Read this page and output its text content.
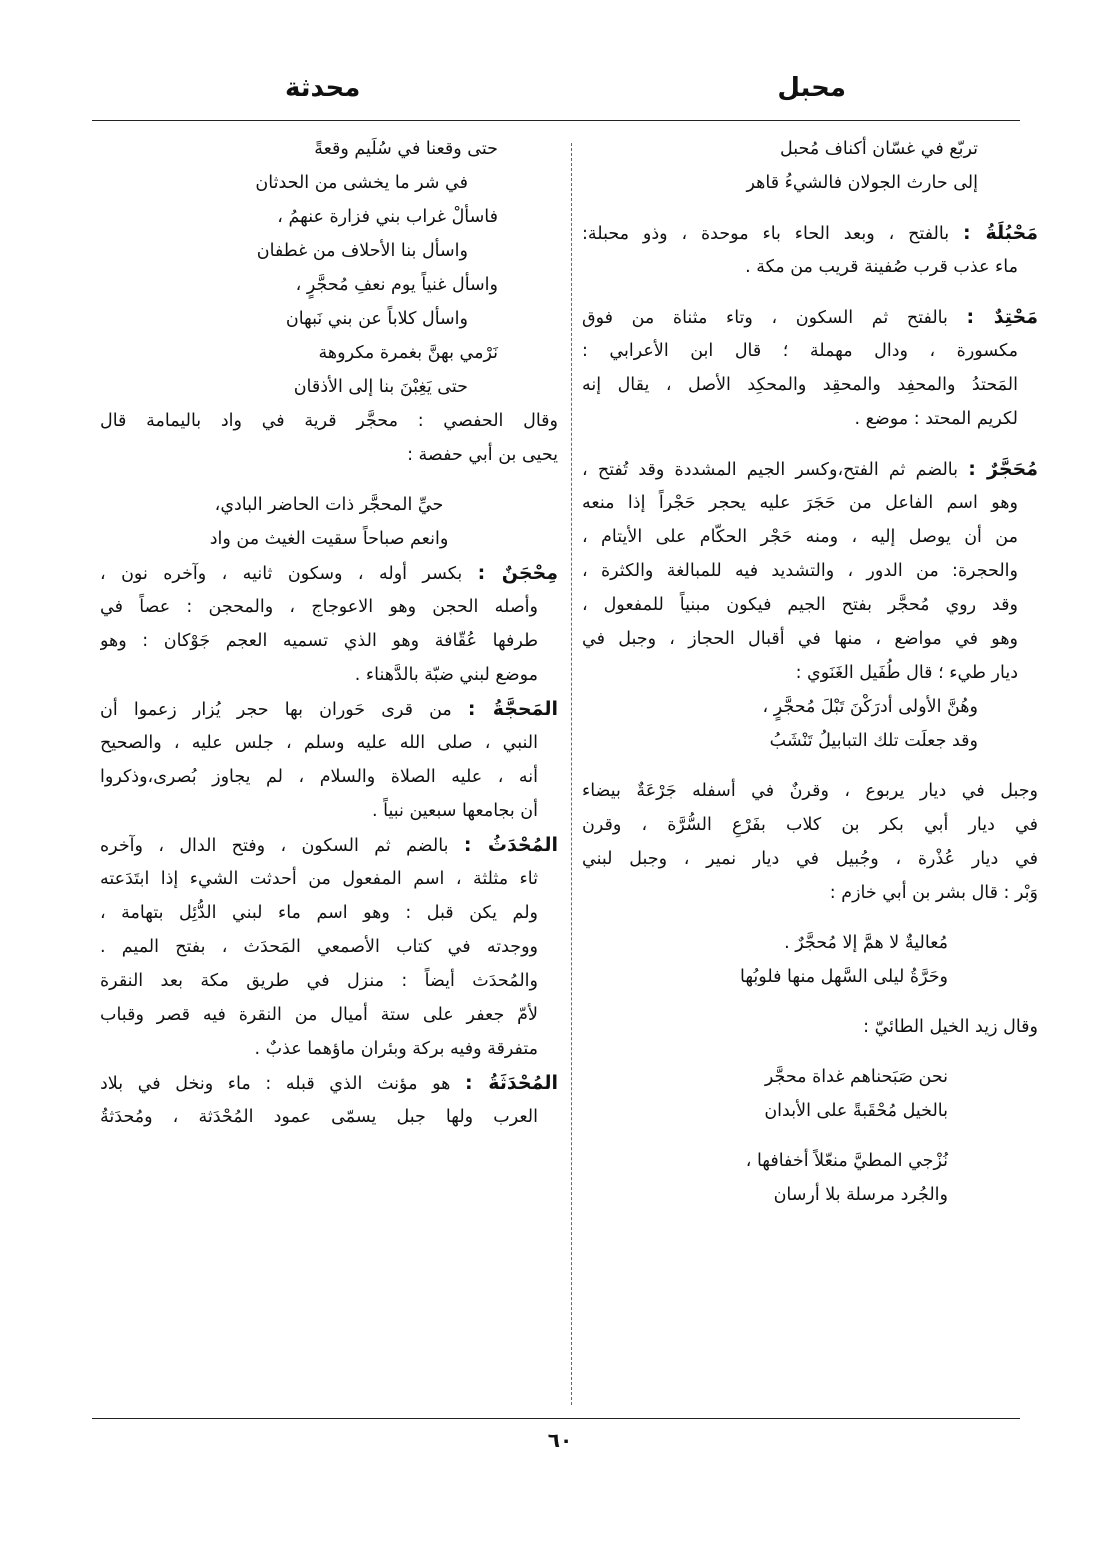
محبل
محدثة
تربّع في غسّان أكناف مُحبل
إلى حارث الجولان فالشيءُ قاهر
مَحْبُلَةُ : بالفتح ، وبعد الحاء باء موحدة ، وذو محبلة:
ماء عذب قرب صُفينة قريب من مكة .
مَحْتِدٌ : بالفتح ثم السكون ، وتاء مثناة من فوق
مكسورة ، ودال مهملة ؛ قال ابن الأعرابي :
المَحتدُ والمحفِد والمحقِد والمحكِد الأصل ، يقال إنه
لكريم المحتد : موضع .
مُحَجَّرٌ : بالضم ثم الفتح،وكسر الجيم المشددة وقد تُفتح ،
وهو اسم الفاعل من حَجَرَ عليه يحجر حَجْراً إذا منعه
من أن يوصل إليه ، ومنه حَجْر الحكّام على الأيتام ،
والحجرة: من الدور ، والتشديد فيه للمبالغة والكثرة ،
وقد روي مُحجَّر بفتح الجيم فيكون مبنياً للمفعول ،
وهو في مواضع ، منها في أقبال الحجاز ، وجبل في
ديار طيء ؛ قال طُفَيل الغَنَوي :
وهُنَّ الأولى أدرَكْنَ تَبْلَ مُحجَّرٍ ،
وقد جعلَت تلك التبابيلُ تَنْشَبُ
وجبل في ديار يربوع ، وقرنٌ في أسفله جَرْعَةٌ بيضاء
في ديار أبي بكر بن كلاب بفَرْعِ السُّرَّة ، وقرن
في ديار عُذْرة ، وجُبيل في ديار نمير ، وجبل لبني
وَبْر : قال بشر بن أبي خازم :
مُعاليةٌ لا همَّ إلا مُحجَّرٌ .
وحَرَّةُ ليلى السَّهل منها فلوبُها
وقال زيد الخيل الطائيّ :
نحن صَبَحناهم غداة محجَّر
بالخيل مُحْقَبةً على الأبدان
نُزْجي المطيَّ منعّلاً أخفافها ،
والجُرد مرسلة بلا أرسان
حتى وقعنا في سُلَيم وقعةً
في شر ما يخشى من الحدثان
فاسألْ غراب بني فزارة عنهمُ ،
واسأل بنا الأحلاف من غطفان
واسأل غنياً يوم نعفِ مُحجَّرٍ ،
واسأل كلاباً عن بني نَبهان
نَرْمي بهنَّ بغمرة مكروهة
حتى يَغِبْنَ بنا إلى الأذقان
وقال الحفصي : محجَّر قرية في واد باليمامة قال
يحيى بن أبي حفصة :
حيِّ المحجَّر ذات الحاضر البادي،
وانعم صباحاً سقيت الغيث من واد
مِحْجَنٌ : بكسر أوله ، وسكون ثانيه ، وآخره نون ،
وأصله الحجن وهو الاعوجاج ، والمحجن : عصاً في
طرفها عُقّافة وهو الذي تسميه العجم جَوْكان : وهو
موضع لبني ضبّة بالدَّهناء .
المَحجَّةُ : من قرى حَوران بها حجر يُزار زعموا أن
النبي ، صلى الله عليه وسلم ، جلس عليه ، والصحيح
أنه ، عليه الصلاة والسلام ، لم يجاوز بُصرى،وذكروا
أن بجامعها سبعين نبياً .
المُحْدَثُ : بالضم ثم السكون ، وفتح الدال ، وآخره
ثاء مثلثة ، اسم المفعول من أحدثت الشيء إذا ابتَدَعته
ولم يكن قبل : وهو اسم ماء لبني الدُّئِل بتهامة ،
ووجدته في كتاب الأصمعي المَحدَث ، بفتح الميم .
والمُحدَث أيضاً : منزل في طريق مكة بعد النقرة
لأمّ جعفر على ستة أميال من النقرة فيه قصر وقباب
متفرقة وفيه بركة وبئران ماؤهما عذبٌ .
المُحْدَثَةُ : هو مؤنث الذي قبله : ماء ونخل في بلاد
العرب ولها جبل يسمّى عمود المُحْدَثة ، ومُحدَثةُ
٦٠
